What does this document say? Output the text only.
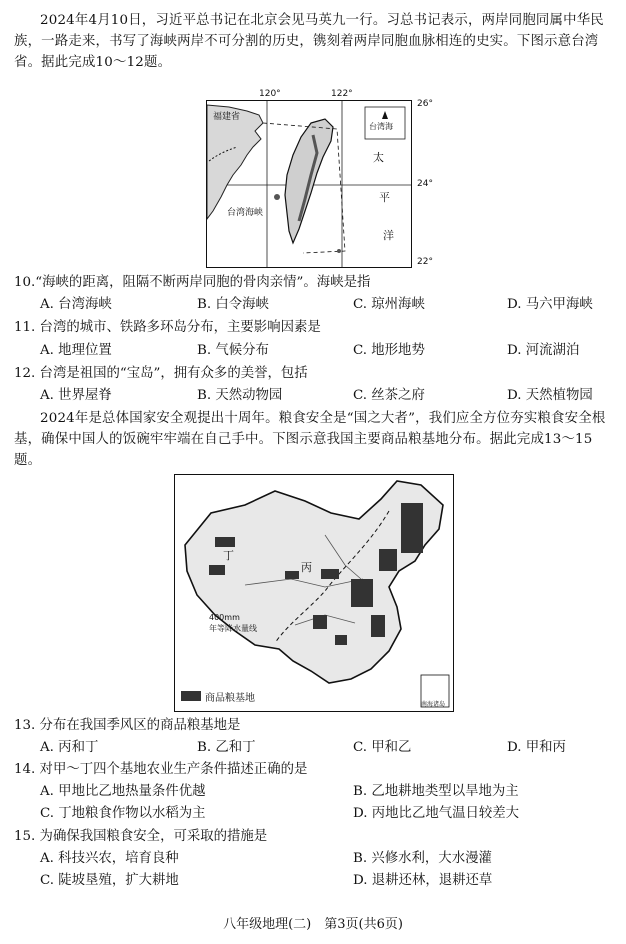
2024年4月10日，习近平总书记在北京会见马英九一行。习总书记表示，两岸同胞同属中华民族，一路走来，书写了海峡两岸不可分割的历史，镌刻着两岸同胞血脉相连的史实。下图示意台湾省。据此完成10～12题。
120°	122°
26°
24°
22°
福建省
台湾海峡
台湾海
太
平
洋
10.“海峡的距离，阻隔不断两岸同胞的骨肉亲情”。海峡是指
A. 台湾海峡	B. 白令海峡	C. 琼州海峡	D. 马六甲海峡
11. 台湾的城市、铁路多环岛分布，主要影响因素是
A. 地理位置	B. 气候分布	C. 地形地势	D. 河流湖泊
12. 台湾是祖国的“宝岛”，拥有众多的美誉，包括
A. 世界屋脊	B. 天然动物园	C. 丝茶之府	D. 天然植物园
2024年是总体国家安全观提出十周年。粮食安全是“国之大者”，我们应全方位夯实粮食安全根基，确保中国人的饭碗牢牢端在自己手中。下图示意我国主要商品粮基地分布。据此完成13～15题。
丁
丙
400mm
年等降水量线
商品粮基地
南海诸岛
13. 分布在我国季风区的商品粮基地是
A. 丙和丁	B. 乙和丁	C. 甲和乙	D. 甲和丙
14. 对甲～丁四个基地农业生产条件描述正确的是
A. 甲地比乙地热量条件优越	B. 乙地耕地类型以旱地为主
C. 丁地粮食作物以水稻为主	D. 丙地比乙地气温日较差大
15. 为确保我国粮食安全，可采取的措施是
A. 科技兴农，培育良种	B. 兴修水利，大水漫灌
C. 陡坡垦殖，扩大耕地	D. 退耕还林，退耕还草
八年级地理(二)　第3页(共6页)
